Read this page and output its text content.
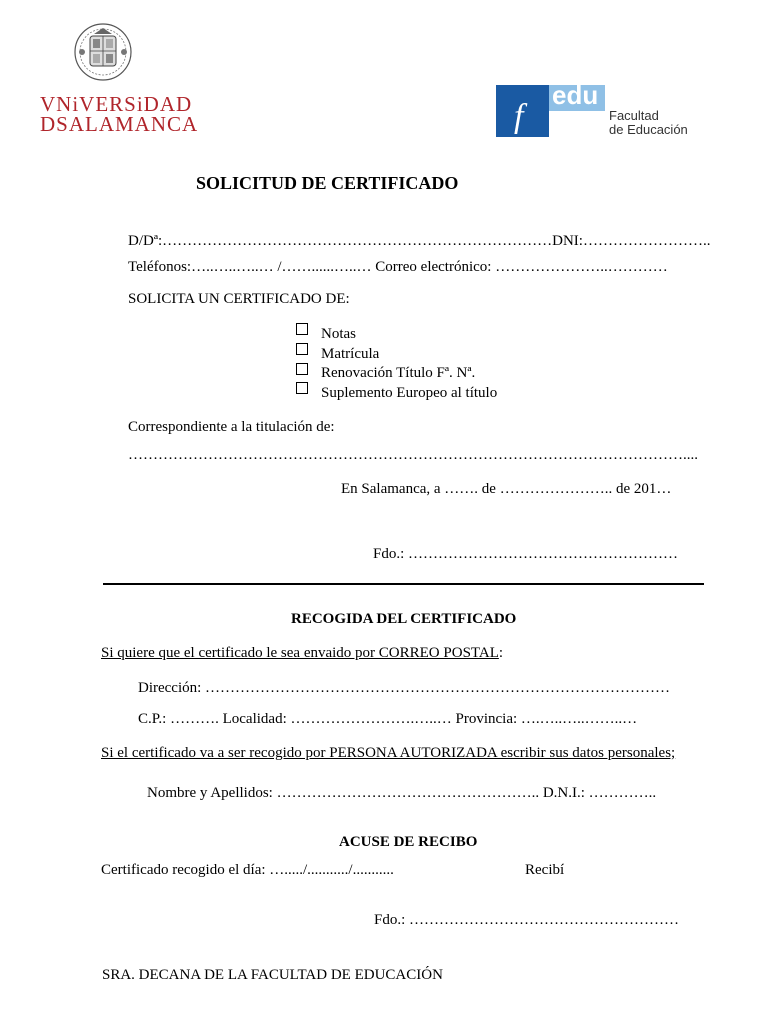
VNiVERSiDAD
DSALAMANCA	f
edu
Facultad
de Educación
SOLICITUD DE CERTIFICADO
D/Dª:……………………………………………………………………DNI:……………………..
Teléfonos:…..…..…..… /……......…..… Correo electrónico: …………………..…………
SOLICITA UN CERTIFICADO DE:
Notas
Matrícula
Renovación Título Fª. Nª.
Suplemento Europeo al título
Correspondiente a la titulación de:
…………………………………………………………………………………………………....
En Salamanca, a ……. de ………………….. de 201…
Fdo.: ………………………………………………
RECOGIDA DEL CERTIFICADO
Si quiere que el certificado le sea envaido por CORREO POSTAL:
Dirección: …………………………………………………………………………………
C.P.: ………. Localidad: …………………….…..… Provincia: ….…..…..……..…
Si el certificado va a ser recogido por PERSONA AUTORIZADA escribir sus datos personales;
Nombre y Apellidos: …………………………………………….. D.N.I.: …………..
ACUSE DE RECIBO
Certificado recogido el día: …...../.........../...........	Recibí
Fdo.: ………………………………………………
SRA. DECANA DE LA FACULTAD DE EDUCACIÓN
